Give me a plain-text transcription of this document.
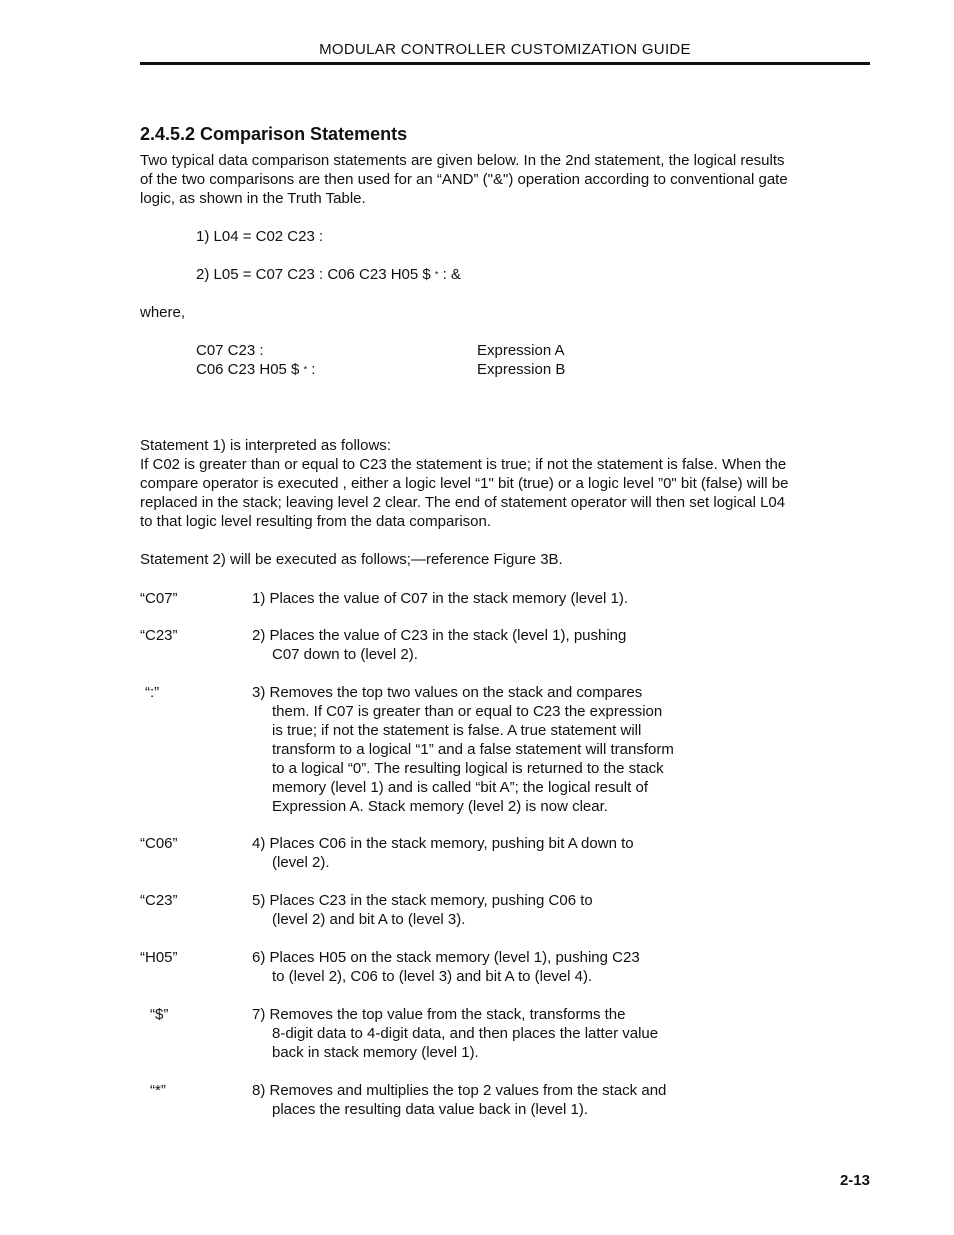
MODULAR CONTROLLER CUSTOMIZATION GUIDE
2.4.5.2 Comparison Statements
Two typical data comparison statements are given below. In the 2nd statement, the logical results
of the two comparisons are then used for an “AND” ("&") operation according to conventional gate
logic, as shown in the Truth Table.
1) L04 = C02 C23 :
2) L05 = C07 C23 : C06 C23 H05 $ * : &
where,
C07 C23 :	Expression A
C06 C23 H05 $ * :	Expression B
Statement 1) is interpreted as follows:
If C02 is greater than or equal to C23 the statement is true; if not the statement is false. When the
compare operator is executed , either a logic level “1" bit (true) or a logic level ”0" bit (false) will be
replaced in the stack; leaving level 2 clear. The end of statement operator will then set logical L04
to that logic level resulting from the data comparison.
Statement 2) will be executed as follows;—reference Figure 3B.
“C07”	1) Places the value of C07 in the stack memory (level 1).
“C23”	2) Places the value of C23 in the stack (level 1), pushing
C07 down to (level 2).
“:”	3) Removes the top two values on the stack and compares
them. If C07 is greater than or equal to C23 the expression
is true; if not the statement is false. A true statement will
transform to a logical “1” and a false statement will transform
to a logical “0”. The resulting logical is returned to the stack
memory (level 1) and is called “bit A”; the logical result of
Expression A. Stack memory (level 2) is now clear.
“C06”	4) Places C06 in the stack memory, pushing bit A down to
(level 2).
“C23”	5) Places C23 in the stack memory, pushing C06 to
(level 2) and bit A to (level 3).
“H05”	6) Places H05 on the stack memory (level 1), pushing C23
to (level 2), C06 to (level 3) and bit A to (level 4).
“$”	7) Removes the top value from the stack, transforms the
8-digit data to 4-digit data, and then places the latter value
back in stack memory (level 1).
“*”	8) Removes and multiplies the top 2 values from the stack and
places the resulting data value back in (level 1).
2-13
